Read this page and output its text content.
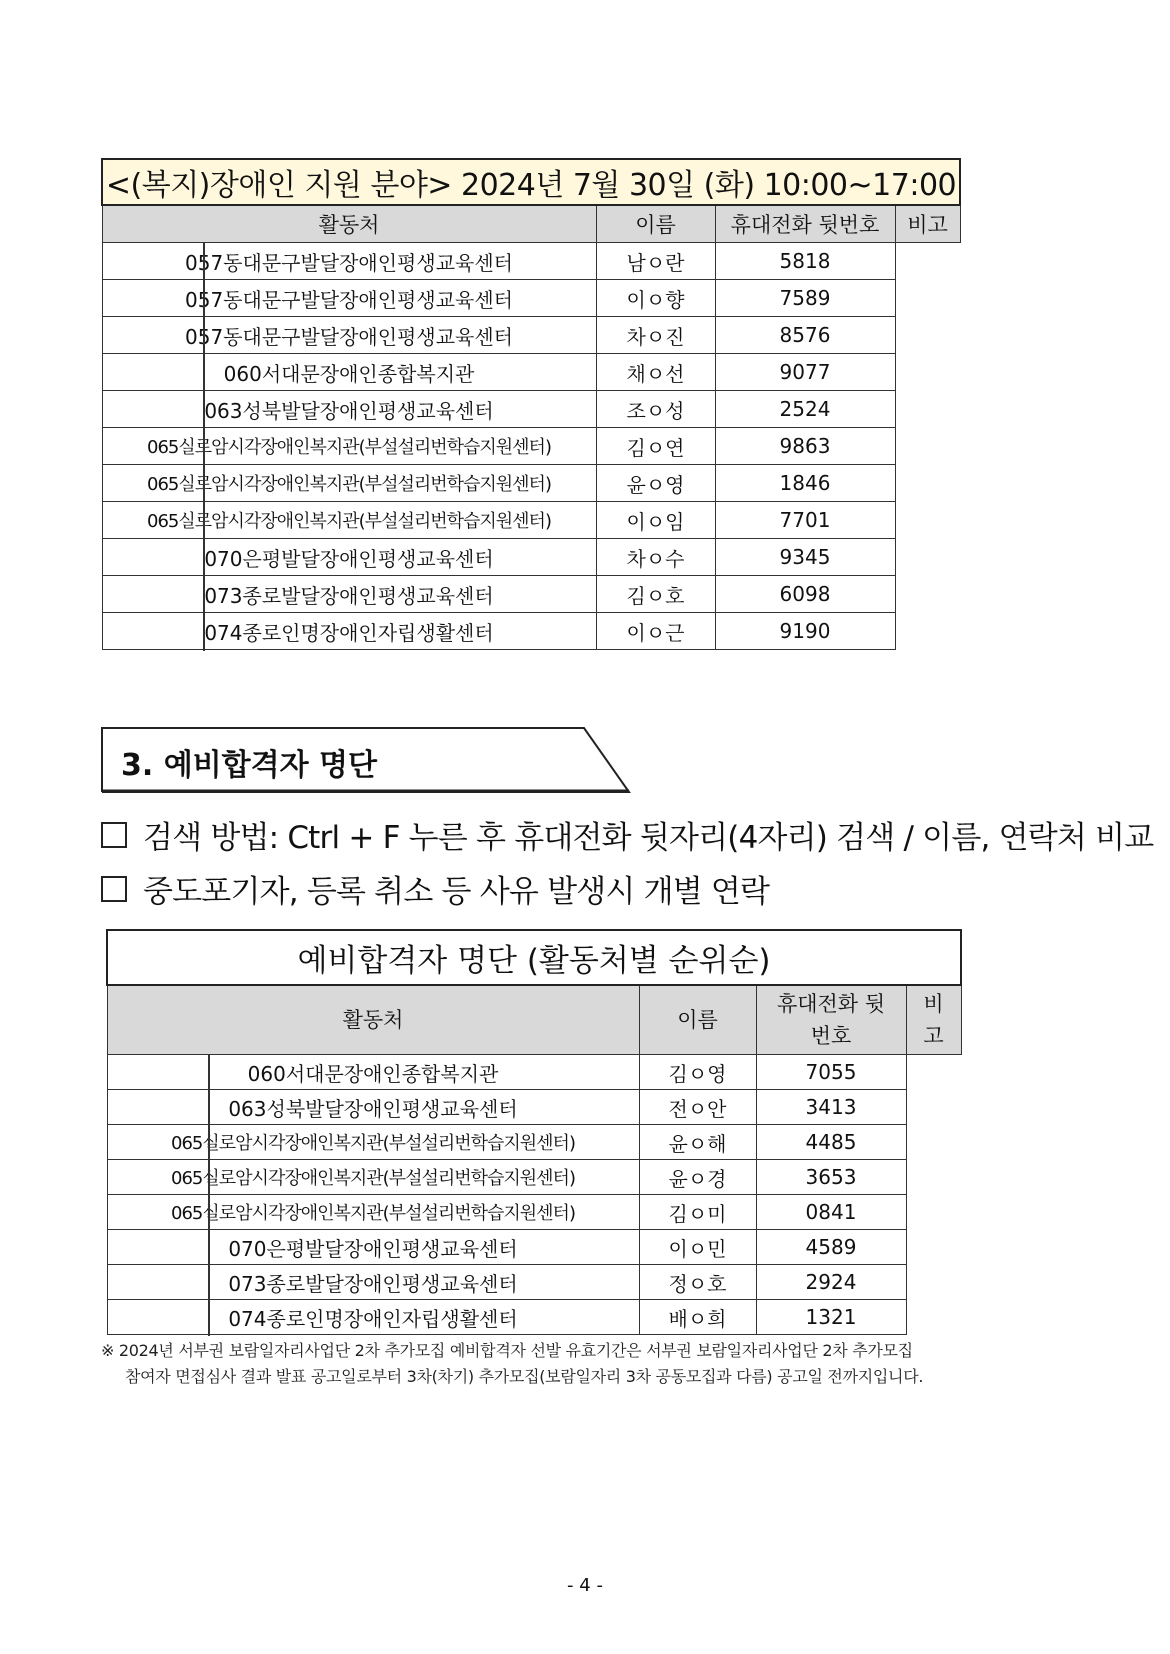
<(복지)장애인 지원 분야> 2024년 7월 30일 (화) 10:00~17:00			
활동처	이름	휴대전화 뒷번호	비고
057동대문구발달장애인평생교육센터	남ㅇ란	5818	

057동대문구발달장애인평생교육센터	이ㅇ향	7589	

057동대문구발달장애인평생교육센터	차ㅇ진	8576	

060서대문장애인종합복지관	채ㅇ선	9077	

063성북발달장애인평생교육센터	조ㅇ성	2524	

065실로암시각장애인복지관(부설설리번학습지원센터)	김ㅇ연	9863	

065실로암시각장애인복지관(부설설리번학습지원센터)	윤ㅇ영	1846	

065실로암시각장애인복지관(부설설리번학습지원센터)	이ㅇ임	7701	

070은평발달장애인평생교육센터	차ㅇ수	9345	

073종로발달장애인평생교육센터	김ㅇ호	6098	

074종로인명장애인자립생활센터	이ㅇ근	9190	
3. 예비합격자 명단
검색 방법: Ctrl + F 누른 후 휴대전화 뒷자리(4자리) 검색 / 이름, 연락처 비교
중도포기자, 등록 취소 등 사유 발생시 개별 연락
예비합격자 명단 (활동처별 순위순)			
활동처	이름	휴대전화 뒷 번호	비 고
060서대문장애인종합복지관	김ㅇ영	7055	

063성북발달장애인평생교육센터	전ㅇ안	3413	

065실로암시각장애인복지관(부설설리번학습지원센터)	윤ㅇ해	4485	

065실로암시각장애인복지관(부설설리번학습지원센터)	윤ㅇ경	3653	

065실로암시각장애인복지관(부설설리번학습지원센터)	김ㅇ미	0841	

070은평발달장애인평생교육센터	이ㅇ민	4589	

073종로발달장애인평생교육센터	정ㅇ호	2924	

074종로인명장애인자립생활센터	배ㅇ희	1321	
※ 2024년 서부권 보람일자리사업단 2차 추가모집 예비합격자 선발 유효기간은 서부권 보람일자리사업단 2차 추가모집
참여자 면접심사 결과 발표 공고일로부터 3차(차기) 추가모집(보람일자리 3차 공동모집과 다름) 공고일 전까지입니다.
- 4 -
